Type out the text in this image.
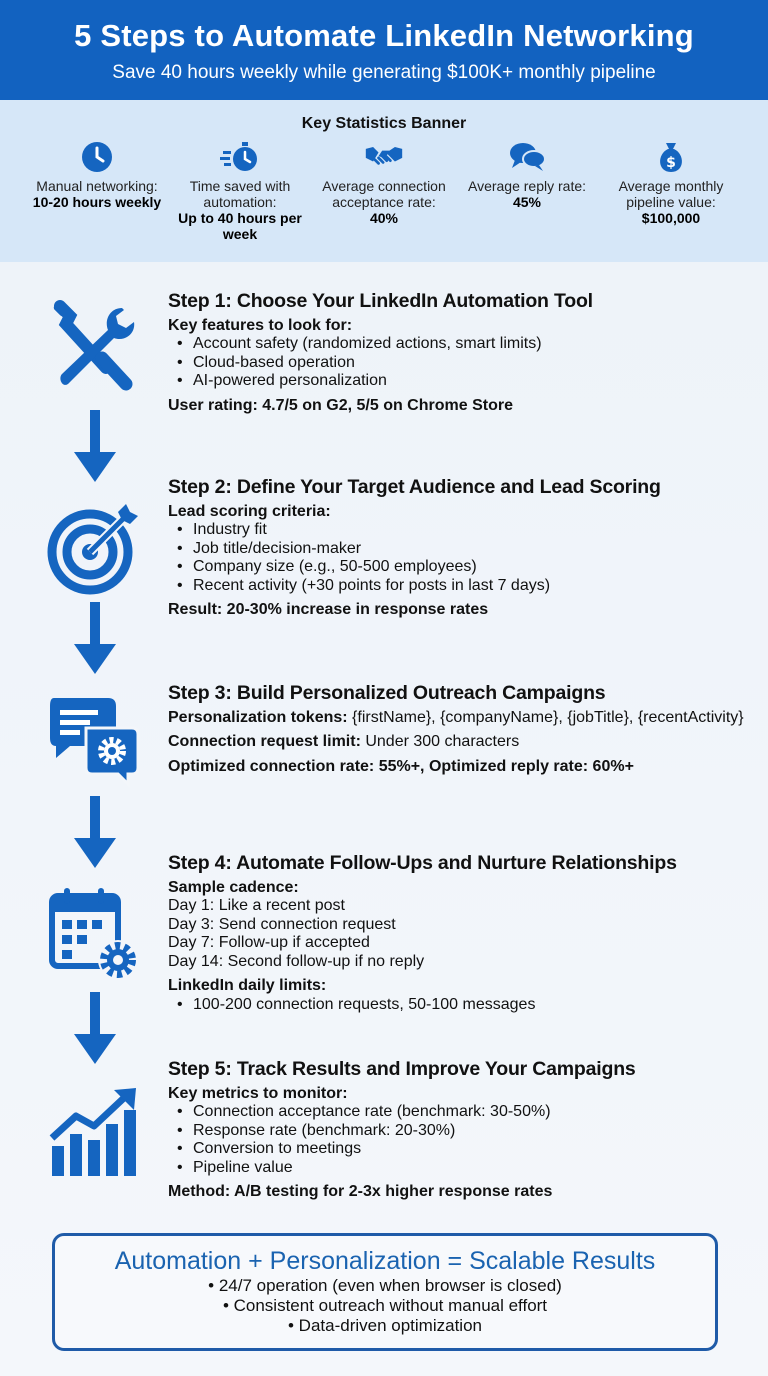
5 Steps to Automate LinkedIn Networking
Save 40 hours weekly while generating $100K+ monthly pipeline
Key Statistics Banner
Manual networking:
10-20 hours weekly
Time saved with automation:
Up to 40 hours per week
Average connection acceptance rate:
40%
Average reply rate:
45%
$
Average monthly pipeline value:
$100,000
Step 1: Choose Your LinkedIn Automation Tool
Key features to look for:
• Account safety (randomized actions, smart limits)
• Cloud-based operation
• AI-powered personalization
User rating: 4.7/5 on G2, 5/5 on Chrome Store
Step 2: Define Your Target Audience and Lead Scoring
Lead scoring criteria:
• Industry fit
• Job title/decision-maker
• Company size (e.g., 50-500 employees)
• Recent activity (+30 points for posts in last 7 days)
Result: 20-30% increase in response rates
Step 3: Build Personalized Outreach Campaigns
Personalization tokens: {firstName}, {companyName}, {jobTitle}, {recentActivity}
Connection request limit: Under 300 characters
Optimized connection rate: 55%+, Optimized reply rate: 60%+
Step 4: Automate Follow-Ups and Nurture Relationships
Sample cadence:
Day 1: Like a recent post
Day 3: Send connection request
Day 7: Follow-up if accepted
Day 14: Second follow-up if no reply
LinkedIn daily limits:
• 100-200 connection requests, 50-100 messages
Step 5: Track Results and Improve Your Campaigns
Key metrics to monitor:
• Connection acceptance rate (benchmark: 30-50%)
• Response rate (benchmark: 20-30%)
• Conversion to meetings
• Pipeline value
Method: A/B testing for 2-3x higher response rates
Automation + Personalization = Scalable Results
• 24/7 operation (even when browser is closed)
• Consistent outreach without manual effort
• Data-driven optimization
